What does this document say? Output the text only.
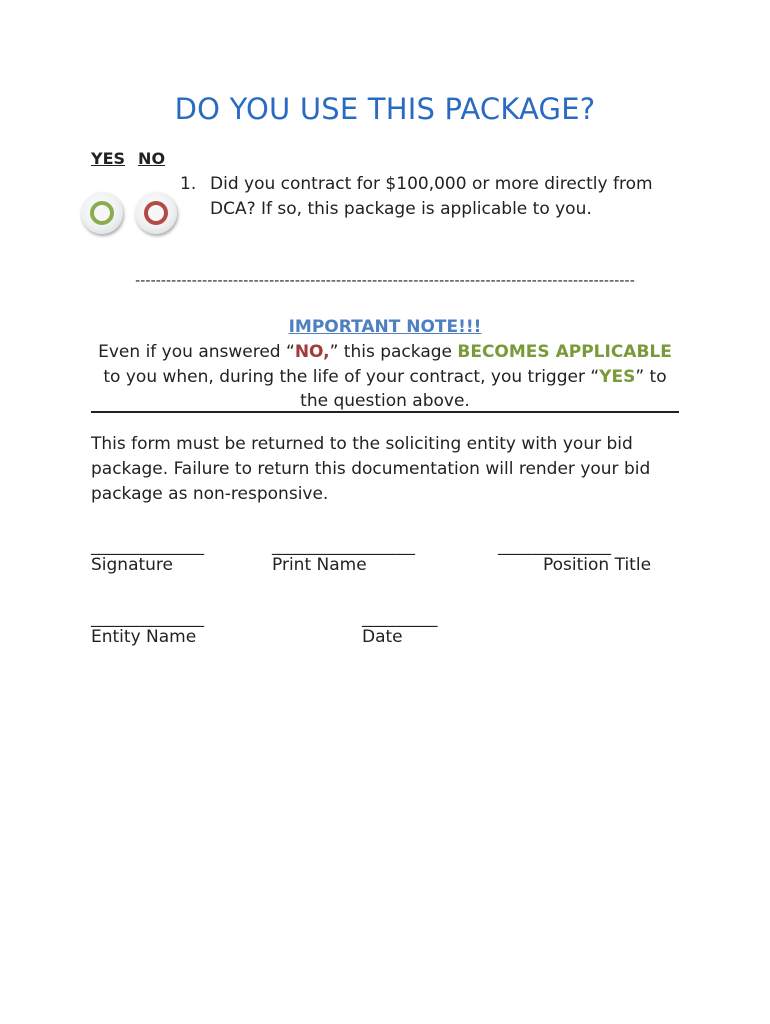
DO YOU USE THIS PACKAGE?
YES NO
1. Did you contract for $100,000 or more directly from
DCA? If so, this package is applicable to you.
-------------------------------------------------------------------------------------------------
IMPORTANT NOTE!!!
Even if you answered “NO,” this package BECOMES APPLICABLE to you when, during the life of your contract, you trigger “YES” to the question above.
This form must be returned to the soliciting entity with your bid package. Failure to return this documentation will render your bid package as non-responsive.
_______________
Signature
___________________
Print Name
_______________
Position Title
_______________
Entity Name
__________
Date
